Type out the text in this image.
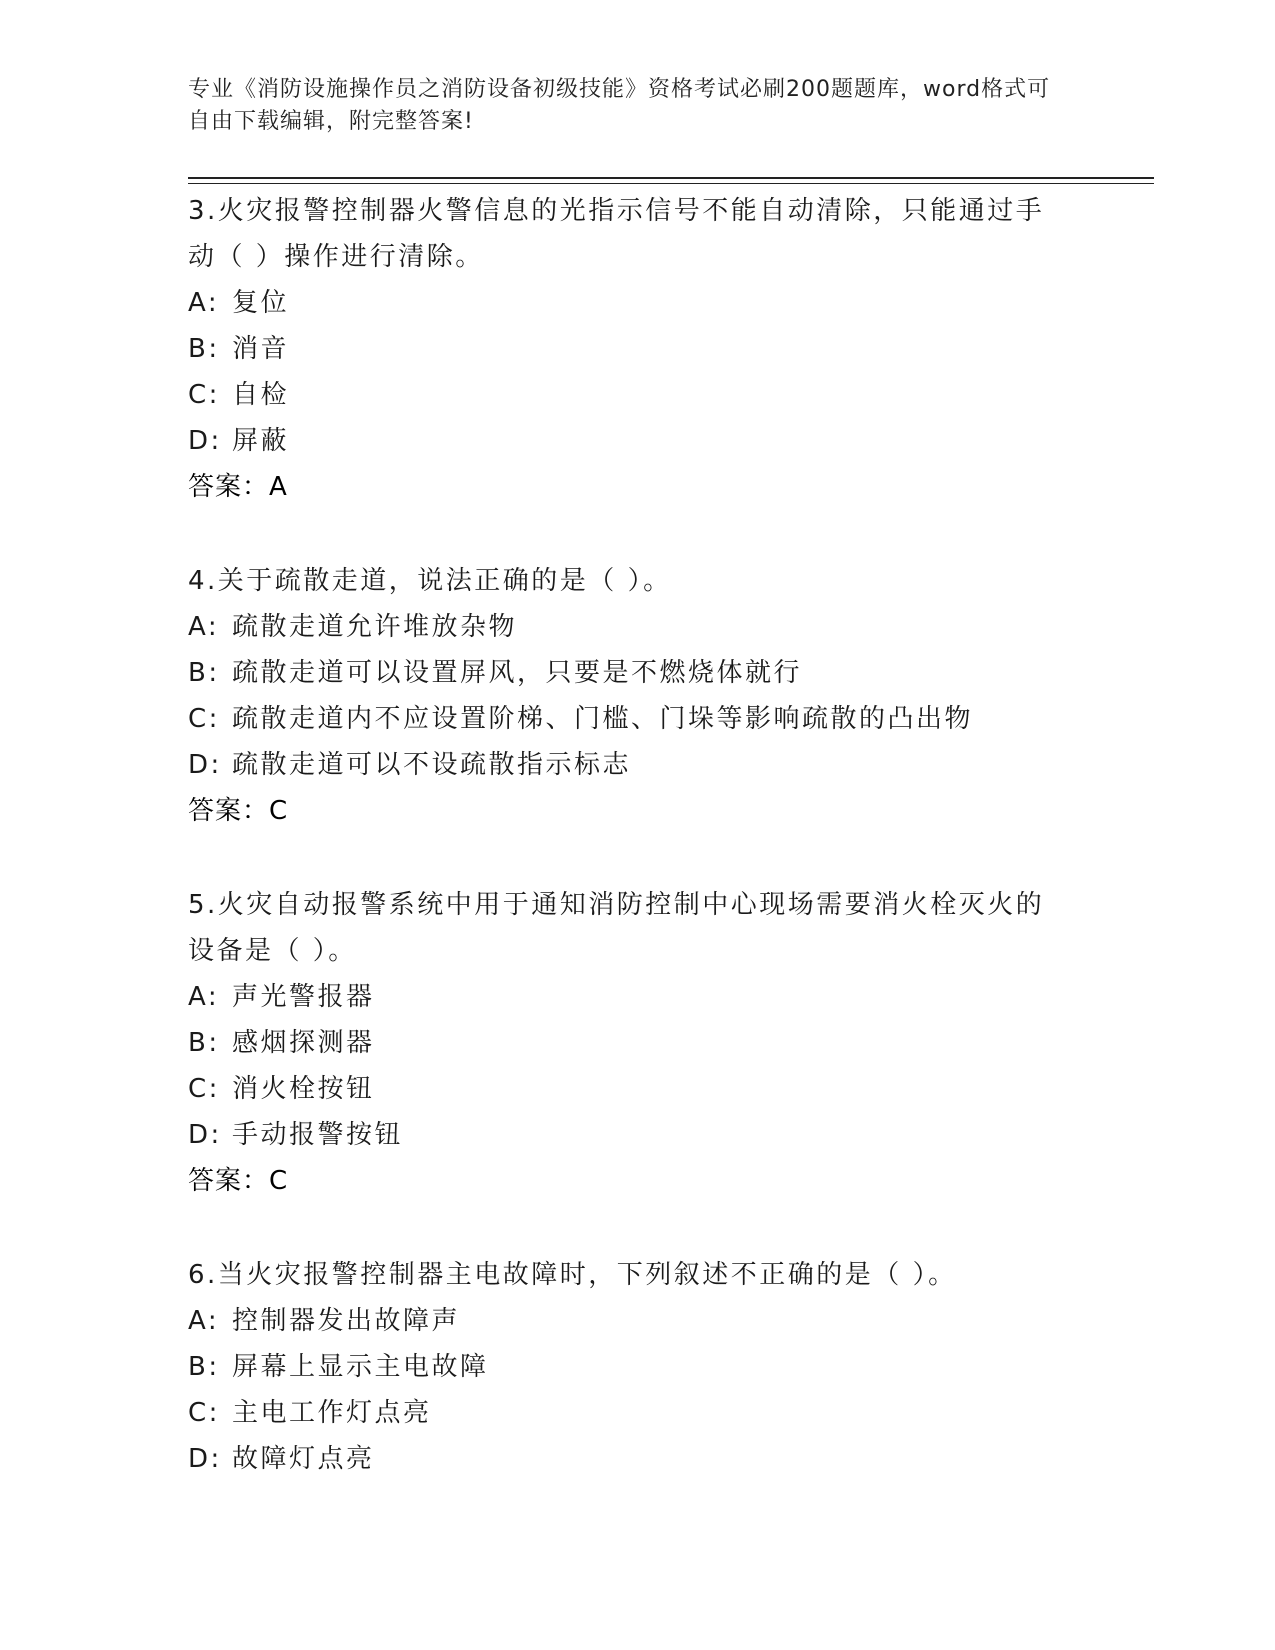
专业《消防设施操作员之消防设备初级技能》资格考试必刷200题题库，word格式可自由下载编辑，附完整答案!

3.火灾报警控制器火警信息的光指示信号不能自动清除，只能通过手动（ ）操作进行清除。

A: 复位

B: 消音

C: 自检

D: 屏蔽

答案：A

4.关于疏散走道，说法正确的是（ ）。

A: 疏散走道允许堆放杂物

B: 疏散走道可以设置屏风，只要是不燃烧体就行

C: 疏散走道内不应设置阶梯、门槛、门垛等影响疏散的凸出物

D: 疏散走道可以不设疏散指示标志

答案：C

5.火灾自动报警系统中用于通知消防控制中心现场需要消火栓灭火的设备是（ ）。

A: 声光警报器

B: 感烟探测器

C: 消火栓按钮

D: 手动报警按钮

答案：C

6.当火灾报警控制器主电故障时，下列叙述不正确的是（ ）。

A: 控制器发出故障声

B: 屏幕上显示主电故障

C: 主电工作灯点亮

D: 故障灯点亮
